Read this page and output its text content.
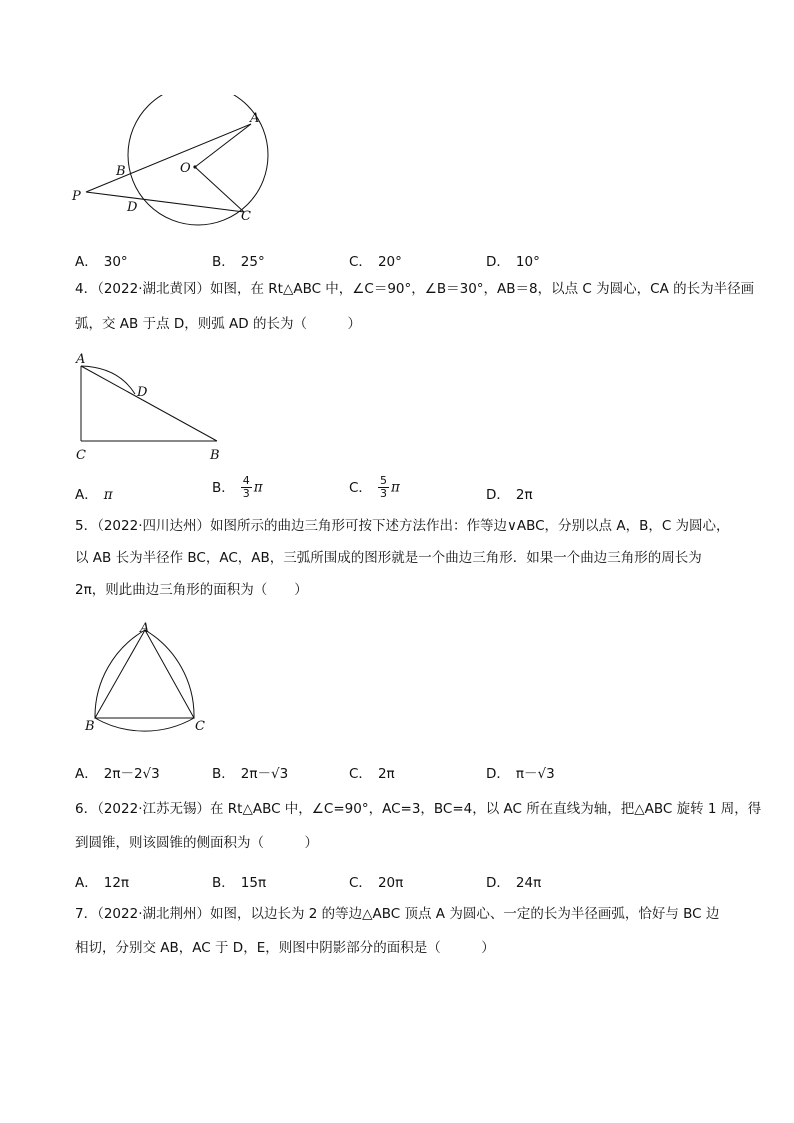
A
B	O
P
D
C
A． 30°	B． 25°	C． 20°	D． 10°
4．（2022·湖北黄冈）如图，在 Rt△ABC 中，∠C＝90°，∠B＝30°，AB＝8，以点 C 为圆心，CA 的长为半径画
弧，交 AB 于点 D，则弧 AD 的长为（　　　）
A
D
C	B
A． π	B． $\frac{4}{3}$ π	C． $\frac{5}{3}$ π	D． 2π
5．（2022·四川达州）如图所示的曲边三角形可按下述方法作出：作等边∨ABC，分别以点 A，B，C 为圆心，
以 AB 长为半径作 BC，AC，AB，三弧所围成的图形就是一个曲边三角形．如果一个曲边三角形的周长为
2π，则此曲边三角形的面积为（　　）
A
B	C
A． 2π－2√3	B． 2π－√3	C． 2π	D． π－√3
6．（2022·江苏无锡）在 Rt△ABC 中，∠C=90°，AC=3，BC=4，以 AC 所在直线为轴，把△ABC 旋转 1 周，得
到圆锥，则该圆锥的侧面积为（　　　）
A． 12π	B． 15π	C． 20π	D． 24π
7．（2022·湖北荆州）如图，以边长为 2 的等边△ABC 顶点 A 为圆心、一定的长为半径画弧，恰好与 BC 边
相切，分别交 AB，AC 于 D，E，则图中阴影部分的面积是（　　　）
